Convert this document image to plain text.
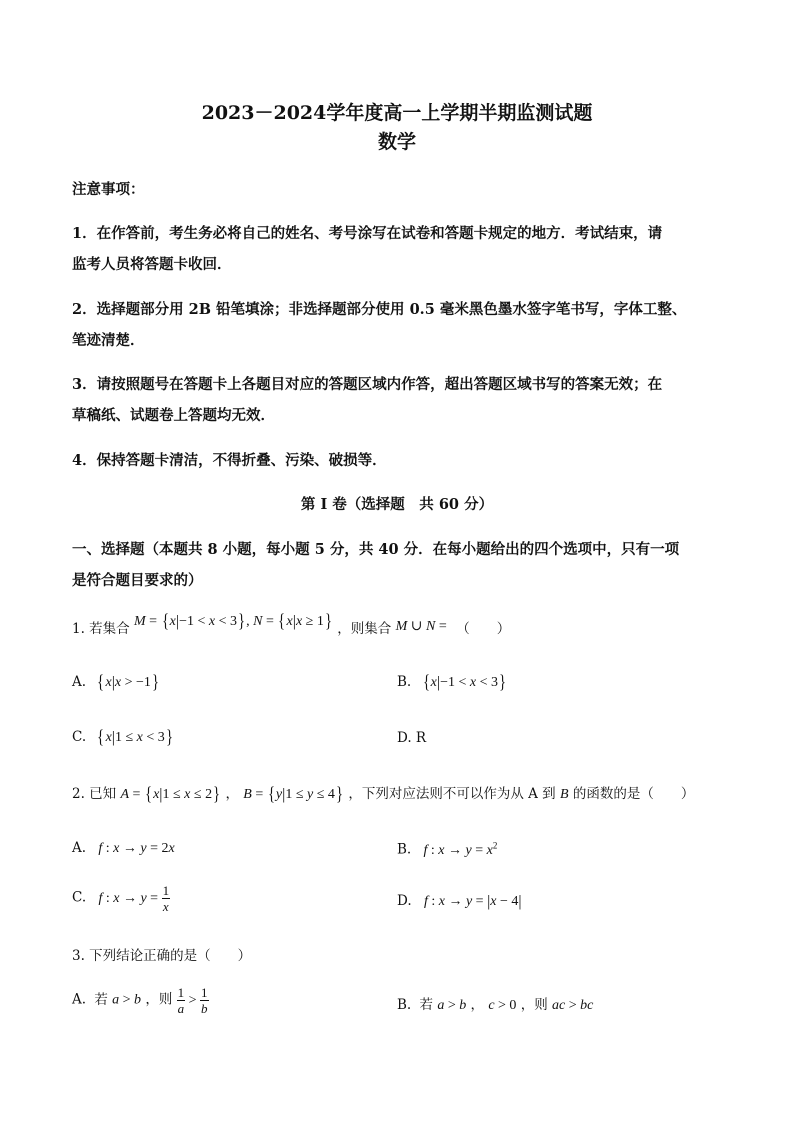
2023－2024学年度高一上学期半期监测试题
数学
注意事项：
1．在作答前，考生务必将自己的姓名、考号涂写在试卷和答题卡规定的地方．考试结束，请
监考人员将答题卡收回．
2．选择题部分用 2B 铅笔填涂；非选择题部分使用 0.5 毫米黑色墨水签字笔书写，字体工整、
笔迹清楚．
3．请按照题号在答题卡上各题目对应的答题区域内作答，超出答题区域书写的答案无效；在
草稿纸、试题卷上答题均无效．
4．保持答题卡清洁，不得折叠、污染、破损等．
第 I 卷（选择题　共 60 分）
一、选择题（本题共 8 小题，每小题 5 分，共 40 分．在每小题给出的四个选项中，只有一项
是符合题目要求的）
1. 若集合 M = {x|−1 < x < 3}, N = {x|x ≥ 1} ，则集合 M ∪ N = （　　）
A. {x|x > −1}	B. {x|−1 < x < 3}
C. {x|1 ≤ x < 3}	D. R
2. 已知 A = {x|1 ≤ x ≤ 2} ， B = {y|1 ≤ y ≤ 4} ，下列对应法则不可以作为从 A 到 B 的函数的是（　　）
A. f : x → y = 2x	B. f : $x \to y = x^2$
C. f : $x \to y = \frac{1}{x}$	D. f : x → y = |x − 4|
3. 下列结论正确的是（　　）
A. 若 a > b ，则 $\frac{1}{a} > \frac{1}{b}$	B. 若 a > b ， c > 0 ，则 ac > bc
